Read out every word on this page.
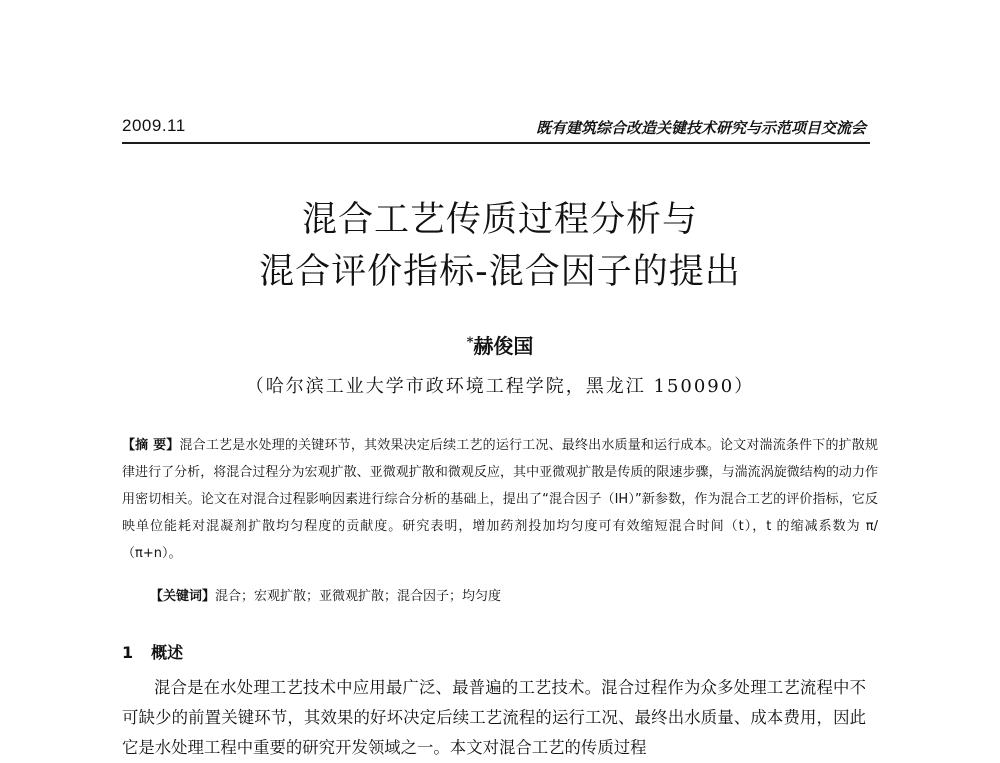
2009.11	既有建筑综合改造关键技术研究与示范项目交流会
混合工艺传质过程分析与
混合评价指标-混合因子的提出
*赫俊国
（哈尔滨工业大学市政环境工程学院，黑龙江 150090）
【摘 要】混合工艺是水处理的关键环节，其效果决定后续工艺的运行工况、最终出水质量和运行成本。论文对湍流条件下的扩散规律进行了分析，将混合过程分为宏观扩散、亚微观扩散和微观反应，其中亚微观扩散是传质的限速步骤，与湍流涡旋微结构的动力作用密切相关。论文在对混合过程影响因素进行综合分析的基础上，提出了“混合因子（IH）”新参数，作为混合工艺的评价指标，它反映单位能耗对混凝剂扩散均匀程度的贡献度。研究表明，增加药剂投加均匀度可有效缩短混合时间（t），t 的缩减系数为 π/（π+n）。
【关键词】混合；宏观扩散；亚微观扩散；混合因子；均匀度
1 概述
混合是在水处理工艺技术中应用最广泛、最普遍的工艺技术。混合过程作为众多处理工艺流程中不可缺少的前置关键环节，其效果的好坏决定后续工艺流程的运行工况、最终出水质量、成本费用，因此它是水处理工程中重要的研究开发领域之一。本文对混合工艺的传质过程
